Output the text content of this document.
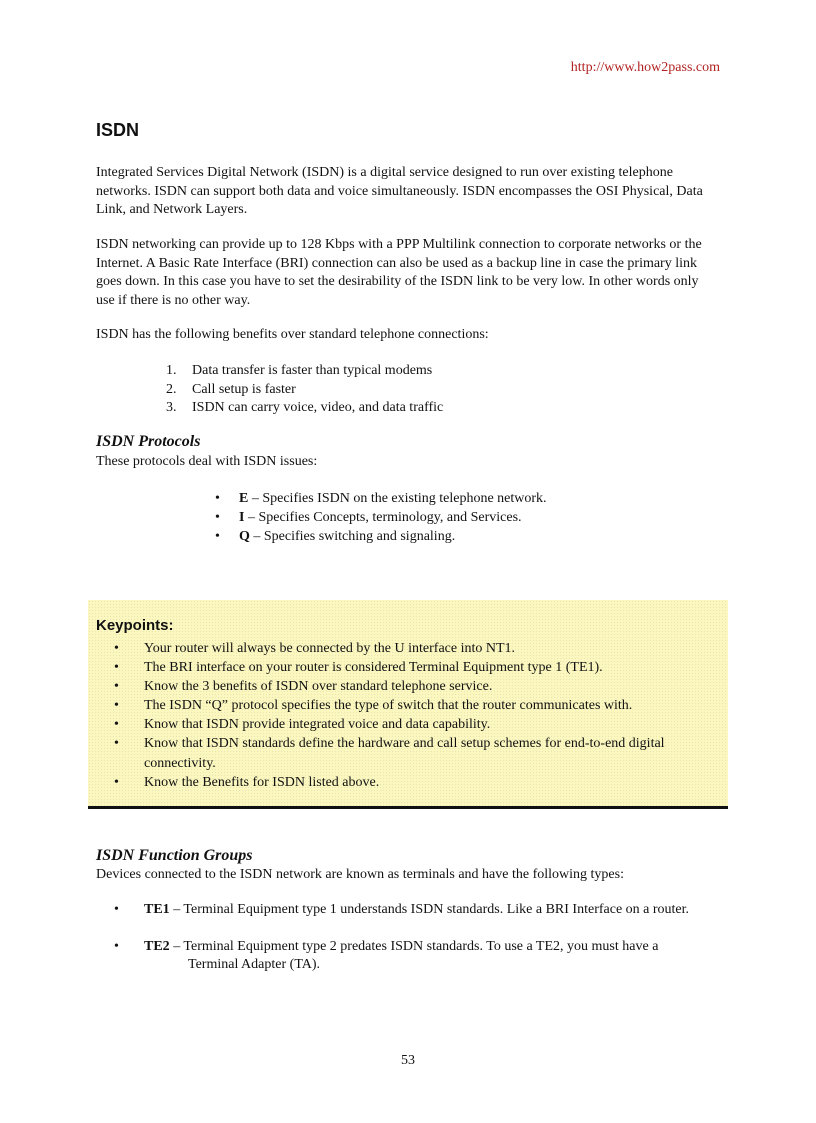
http://www.how2pass.com
ISDN

Integrated Services Digital Network (ISDN) is a digital service designed to run over existing telephone networks. ISDN can support both data and voice simultaneously. ISDN encompasses the OSI Physical, Data Link, and Network Layers.

ISDN networking can provide up to 128 Kbps with a PPP Multilink connection to corporate networks or the Internet. A Basic Rate Interface (BRI) connection can also be used as a backup line in case the primary link goes down. In this case you have to set the desirability of the ISDN link to be very low. In other words only use if there is no other way.

ISDN has the following benefits over standard telephone connections:

1.	Data transfer is faster than typical modems
2.	Call setup is faster
3.	ISDN can carry voice, video, and data traffic
ISDN Protocols

These protocols deal with ISDN issues:

•	E – Specifies ISDN on the existing telephone network.
•	I – Specifies Concepts, terminology, and Services.
•	Q – Specifies switching and signaling.
Keypoints:
•	Your router will always be connected by the U interface into NT1.
•	The BRI interface on your router is considered Terminal Equipment type 1 (TE1).
•	Know the 3 benefits of ISDN over standard telephone service.
•	The ISDN “Q” protocol specifies the type of switch that the router communicates with.
•	Know that ISDN provide integrated voice and data capability.
•	Know that ISDN standards define the hardware and call setup schemes for end-to-end digital connectivity.
•	Know the Benefits for ISDN listed above.
ISDN Function Groups

Devices connected to the ISDN network are known as terminals and have the following types:

•	TE1 – Terminal Equipment type 1 understands ISDN standards. Like a BRI Interface on a router.
•	TE2 – Terminal Equipment type 2 predates ISDN standards. To use a TE2, you must have a
Terminal Adapter (TA).
53
